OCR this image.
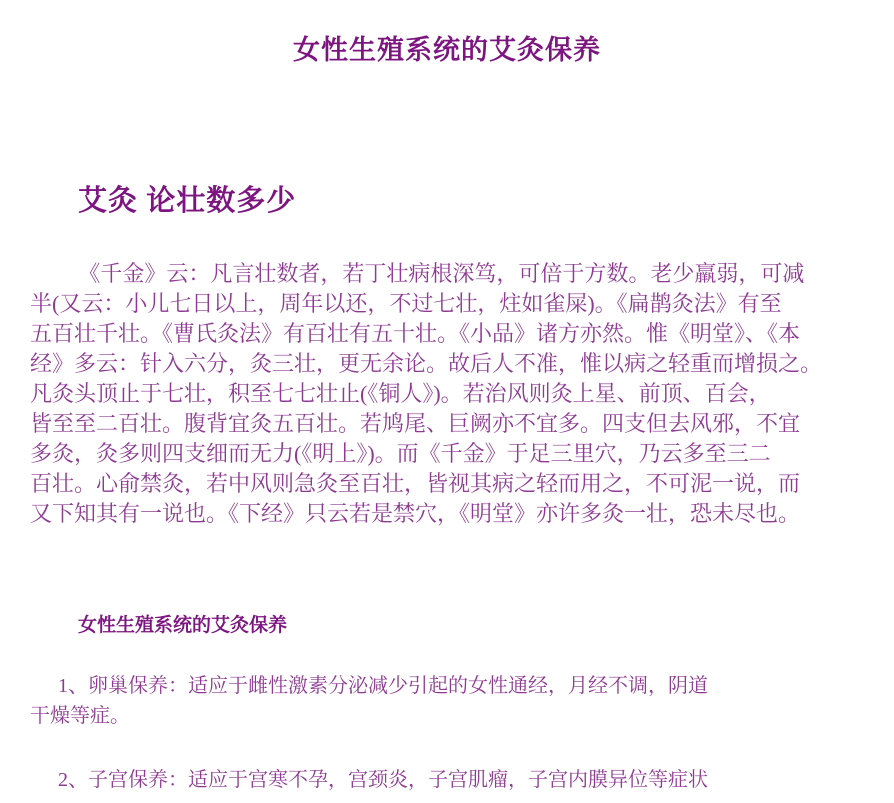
女性生殖系统的艾灸保养
艾灸 论壮数多少
《千金》云：凡言壮数者，若丁壮病根深笃，可倍于方数。老少羸弱，可减
半(又云：小儿七日以上，周年以还，不过七壮，炷如雀屎)。《扁鹊灸法》有至
五百壮千壮。《曹氏灸法》有百壮有五十壮。《小品》诸方亦然。惟《明堂》、《本
经》多云：针入六分，灸三壮，更无余论。故后人不准，惟以病之轻重而增损之。
凡灸头顶止于七壮，积至七七壮止(《铜人》)。若治风则灸上星、前顶、百会，
皆至至二百壮。腹背宜灸五百壮。若鸠尾、巨阙亦不宜多。四支但去风邪，不宜
多灸，灸多则四支细而无力(《明上》)。而《千金》于足三里穴，乃云多至三二
百壮。心俞禁灸，若中风则急灸至百壮，皆视其病之轻而用之，不可泥一说，而
又下知其有一说也。《下经》只云若是禁穴，《明堂》亦许多灸一壮，恐未尽也。
女性生殖系统的艾灸保养
1、卵巢保养：适应于雌性激素分泌减少引起的女性通经，月经不调，阴道
干燥等症。
2、子宫保养：适应于宫寒不孕，宫颈炎，子宫肌瘤，子宫内膜异位等症状
